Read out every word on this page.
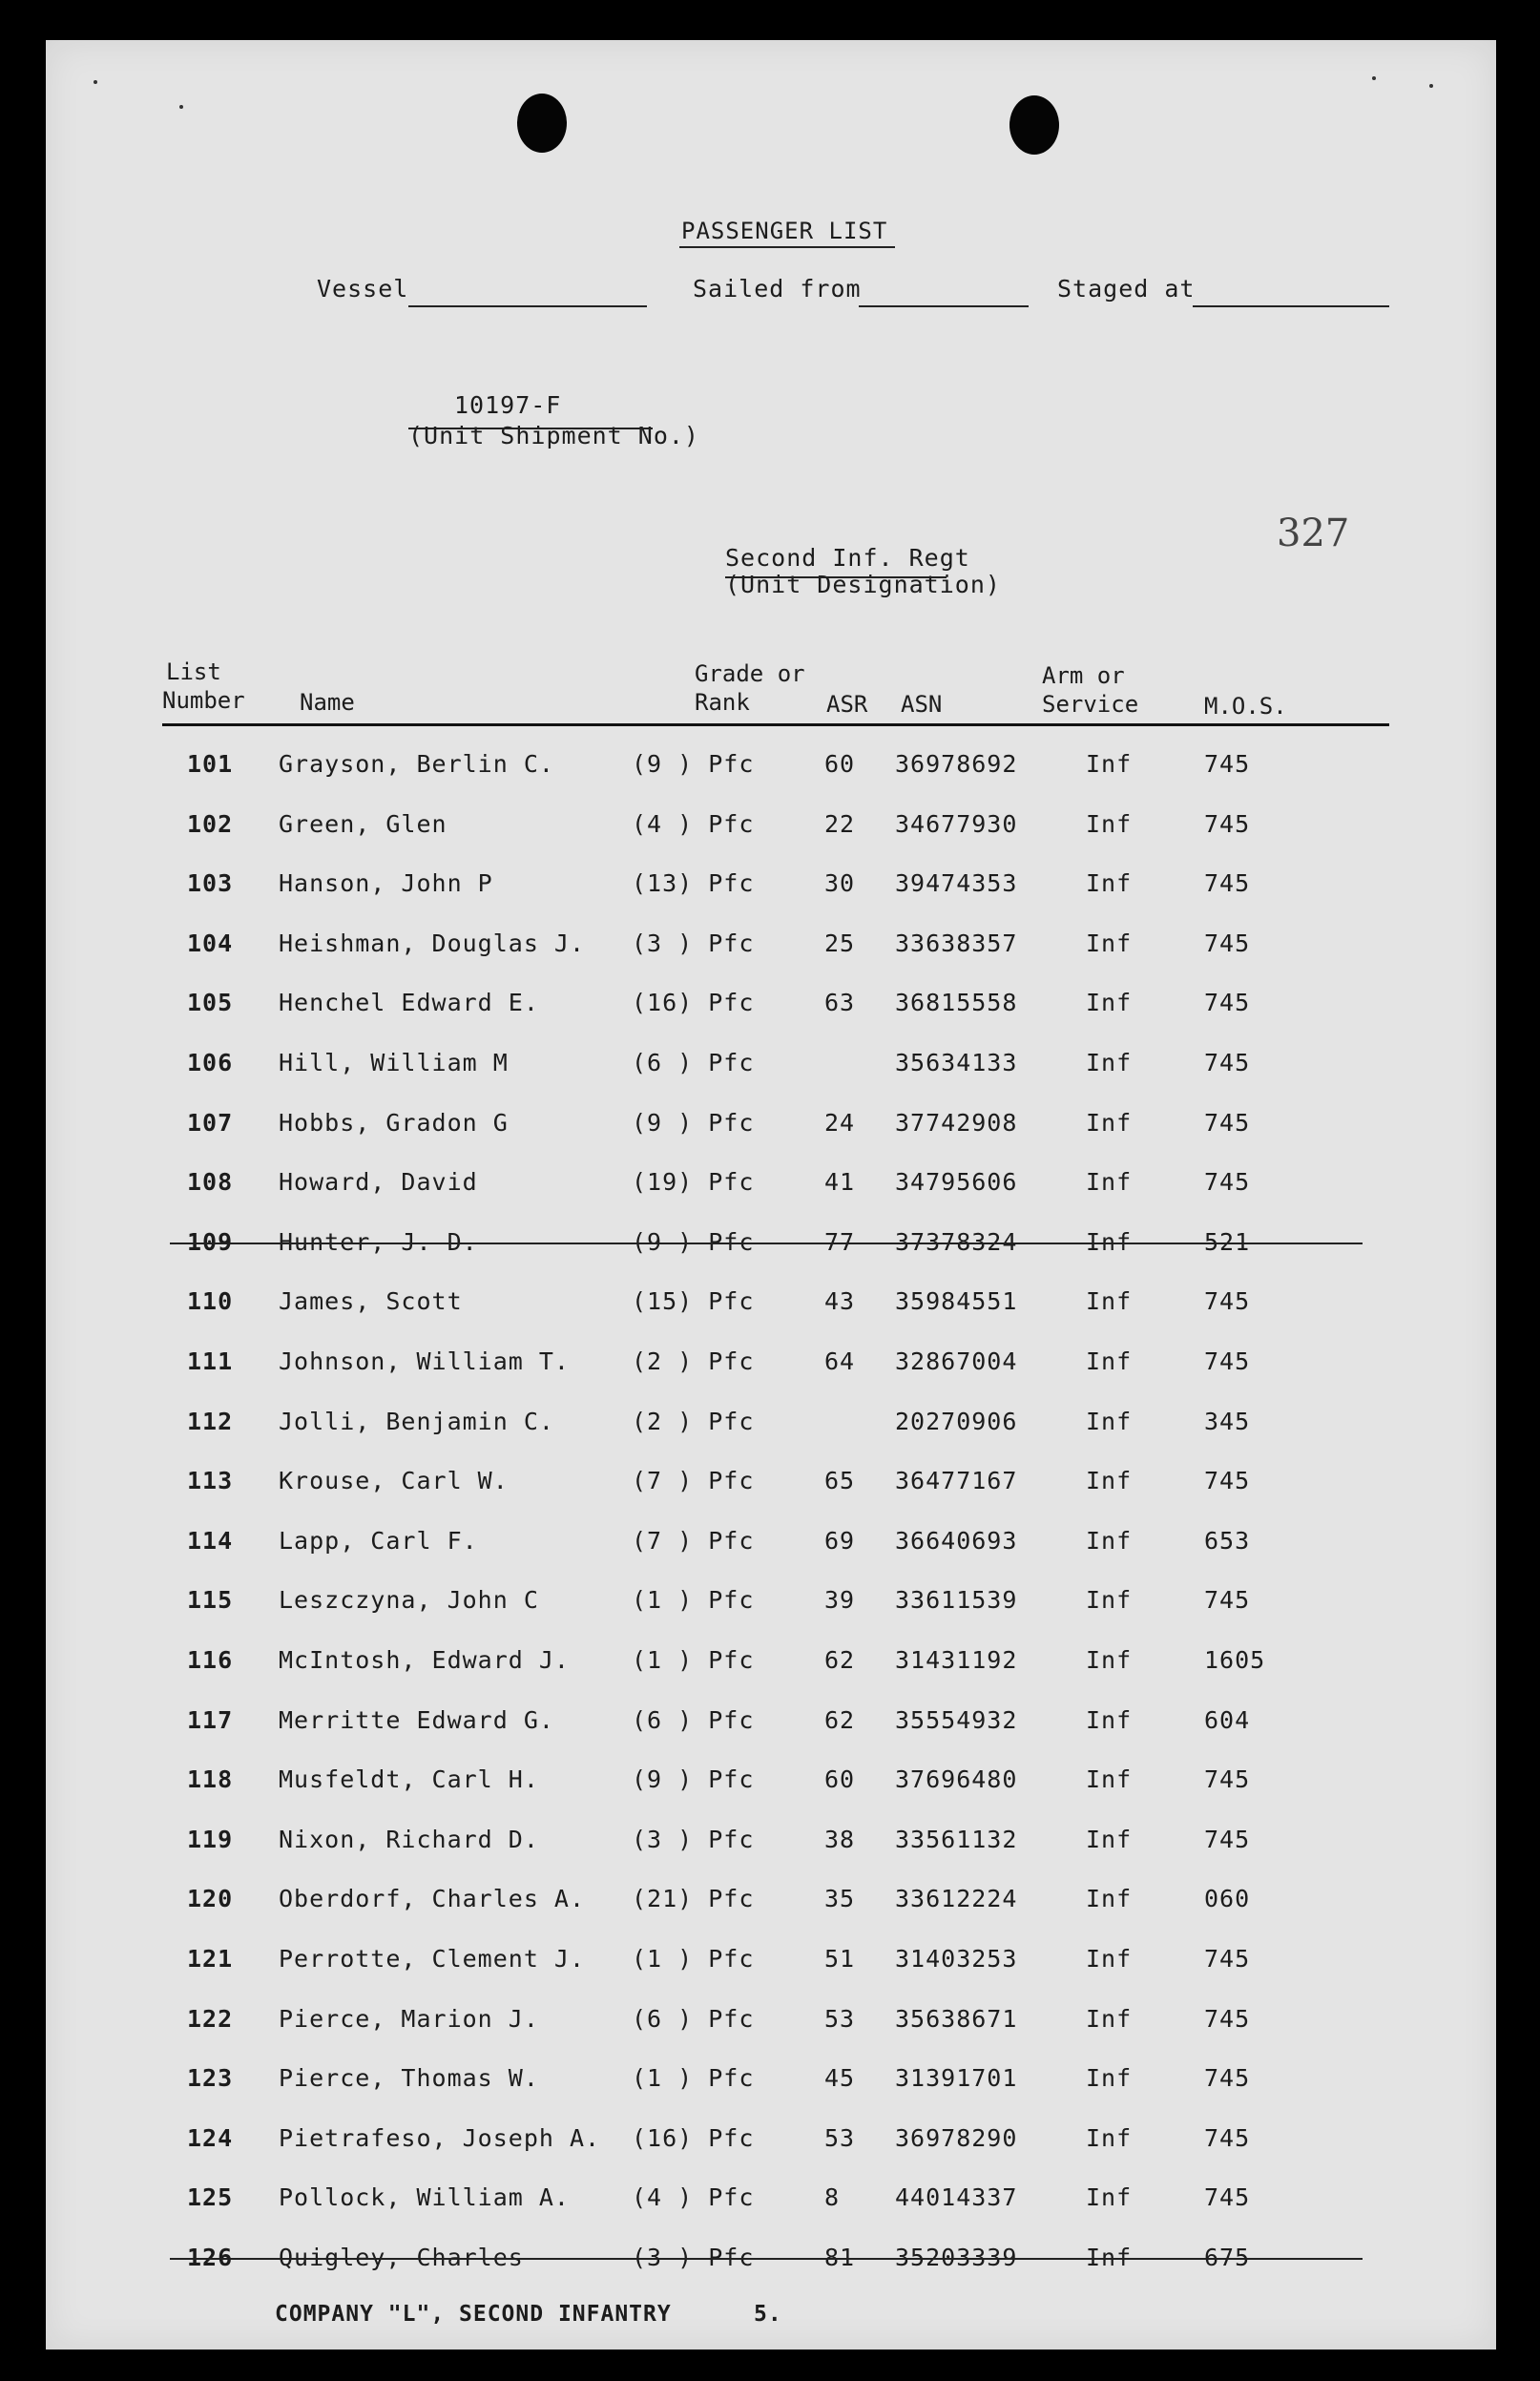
PASSENGER LIST
Vessel	Sailed from	Staged at
10197-F
(Unit Shipment No.)
327
Second Inf. Regt
(Unit Designation)
List
Number Name
Grade or
Rank	ASR ASN
Arm or
Service	M.O.S.
101 Grayson, Berlin C.	(9 ) Pfc	60 36978692	Inf	745
102 Green, Glen	(4 ) Pfc	22 34677930	Inf	745
103 Hanson, John P	(13) Pfc	30 39474353	Inf	745
104 Heishman, Douglas J. (3 ) Pfc	25 33638357	Inf	745
105 Henchel Edward E.	(16) Pfc	63 36815558	Inf	745
106 Hill, William M	(6 ) Pfc	35634133	Inf	745
107 Hobbs, Gradon G	(9 ) Pfc	24 37742908	Inf	745
108 Howard, David	(19) Pfc	41 34795606	Inf	745
109 Hunter, J. D.	(9 ) Pfc	77 37378324	Inf	521
110 James, Scott	(15) Pfc	43 35984551	Inf	745
111 Johnson, William T.	(2 ) Pfc	64 32867004	Inf	745
112 Jolli, Benjamin C.	(2 ) Pfc	20270906	Inf	345
113 Krouse, Carl W.	(7 ) Pfc	65 36477167	Inf	745
114 Lapp, Carl F.	(7 ) Pfc	69 36640693	Inf	653
115 Leszczyna, John C	(1 ) Pfc	39 33611539	Inf	745
116 McIntosh, Edward J.	(1 ) Pfc	62 31431192	Inf	1605
117 Merritte Edward G.	(6 ) Pfc	62 35554932	Inf	604
118 Musfeldt, Carl H.	(9 ) Pfc	60 37696480	Inf	745
119 Nixon, Richard D.	(3 ) Pfc	38 33561132	Inf	745
120 Oberdorf, Charles A. (21) Pfc	35 33612224	Inf	060
121 Perrotte, Clement J. (1 ) Pfc	51 31403253	Inf	745
122 Pierce, Marion J.	(6 ) Pfc	53 35638671	Inf	745
123 Pierce, Thomas W.	(1 ) Pfc	45 31391701	Inf	745
124 Pietrafeso, Joseph A. (16) Pfc	53 36978290	Inf	745
125 Pollock, William A.	(4 ) Pfc	8 44014337	Inf	745
126 Quigley, Charles	(3 ) Pfc	81 35203339	Inf	675
COMPANY "L", SECOND INFANTRY	5.
